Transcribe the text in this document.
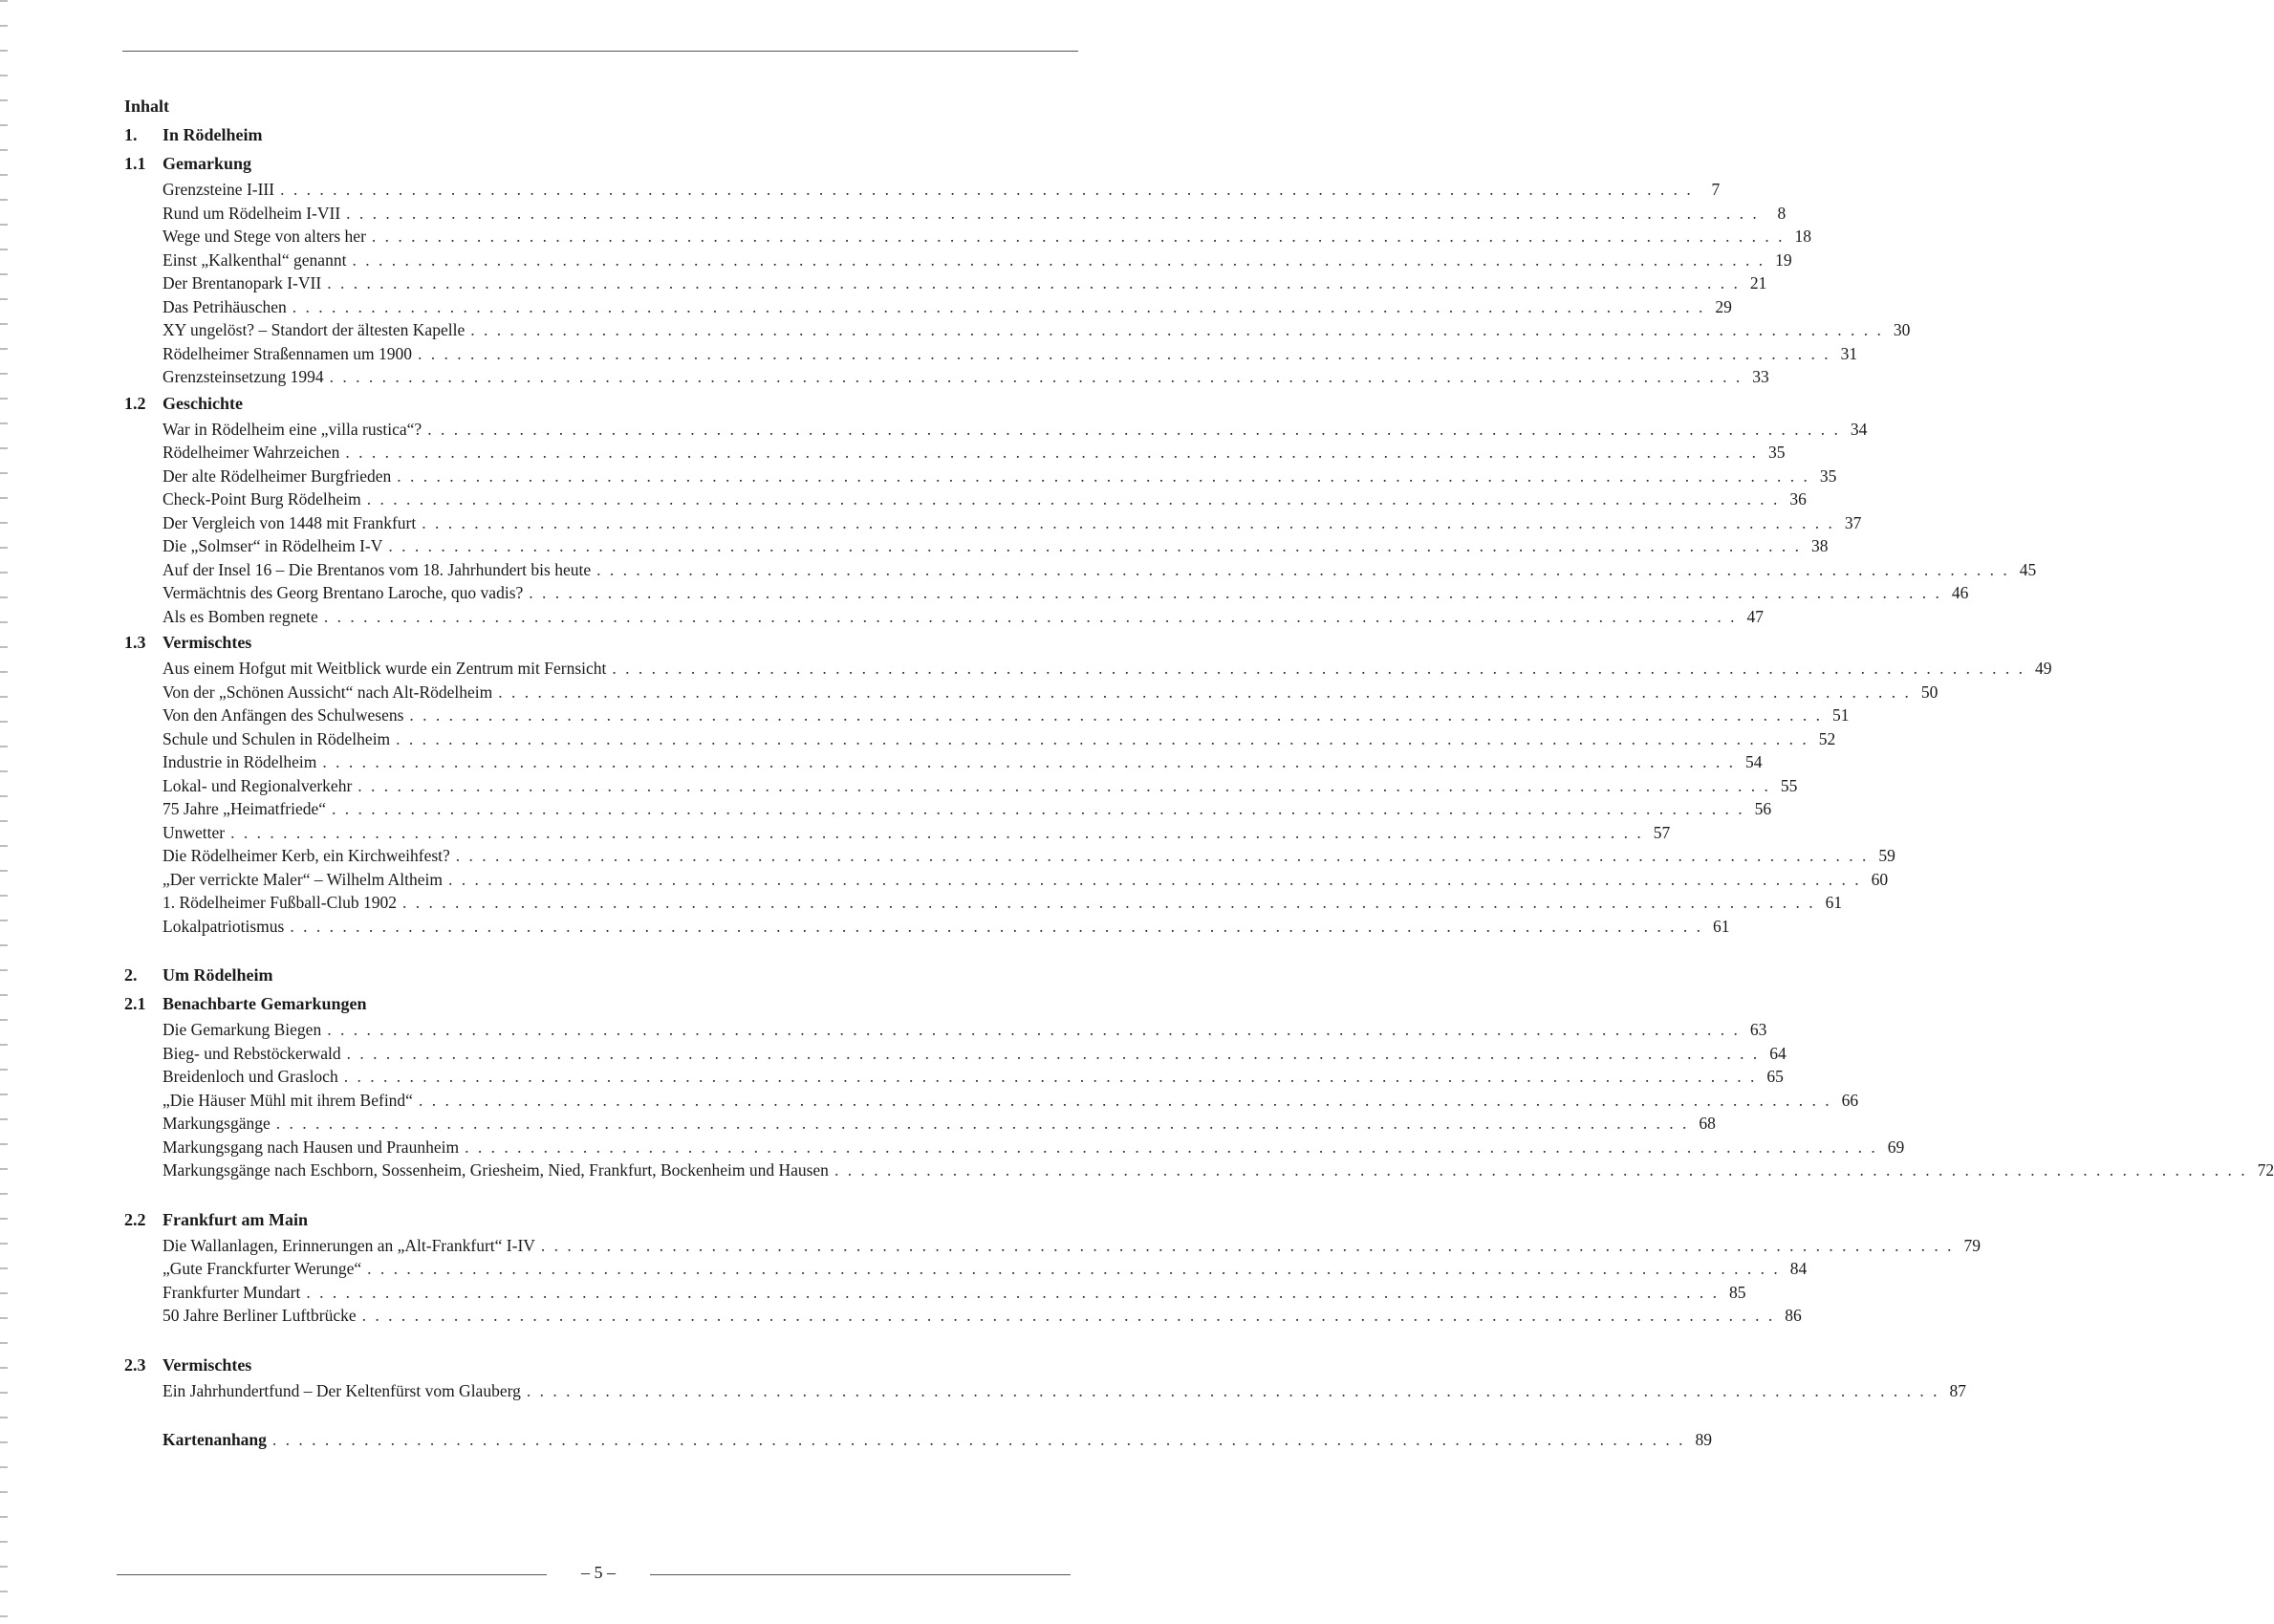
Inhalt
1.	In Rödelheim
1.1 Gemarkung
Grenzsteine I-III . . . . . . . . . . . . . . . . . . . . . . . . . . . . . . . . . . . . . . . . . . . . . . . . . . . . . . . . . . . . . . . . . . . . . . . . . . . . . . . . . . . . . . . . . . . . . . . . . . . . . . . . . . . .	7
Rund um Rödelheim I-VII . . . . . . . . . . . . . . . . . . . . . . . . . . . . . . . . . . . . . . . . . . . . . . . . . . . . . . . . . . . . . . . . . . . . . . . . . . . . . . . . . . . . . . . . . . . . . . . . . . . . . . . . . . . .	8
Wege und Stege von alters her . . . . . . . . . . . . . . . . . . . . . . . . . . . . . . . . . . . . . . . . . . . . . . . . . . . . . . . . . . . . . . . . . . . . . . . . . . . . . . . . . . . . . . . . . . . . . . . . . . . . . . . . . . . . 18
Einst „Kalkenthal“ genannt . . . . . . . . . . . . . . . . . . . . . . . . . . . . . . . . . . . . . . . . . . . . . . . . . . . . . . . . . . . . . . . . . . . . . . . . . . . . . . . . . . . . . . . . . . . . . . . . . . . . . . . . . . . . 19
Der Brentanopark I-VII . . . . . . . . . . . . . . . . . . . . . . . . . . . . . . . . . . . . . . . . . . . . . . . . . . . . . . . . . . . . . . . . . . . . . . . . . . . . . . . . . . . . . . . . . . . . . . . . . . . . . . . . . . . . 21
Das Petrihäuschen . . . . . . . . . . . . . . . . . . . . . . . . . . . . . . . . . . . . . . . . . . . . . . . . . . . . . . . . . . . . . . . . . . . . . . . . . . . . . . . . . . . . . . . . . . . . . . . . . . . . . . . . . . . . 29
XY ungelöst? – Standort der ältesten Kapelle . . . . . . . . . . . . . . . . . . . . . . . . . . . . . . . . . . . . . . . . . . . . . . . . . . . . . . . . . . . . . . . . . . . . . . . . . . . . . . . . . . . . . . . . . . . . . . . . . . . . . . . . . . . . 30
Rödelheimer Straßennamen um 1900 . . . . . . . . . . . . . . . . . . . . . . . . . . . . . . . . . . . . . . . . . . . . . . . . . . . . . . . . . . . . . . . . . . . . . . . . . . . . . . . . . . . . . . . . . . . . . . . . . . . . . . . . . . . . 31
Grenzsteinsetzung 1994 . . . . . . . . . . . . . . . . . . . . . . . . . . . . . . . . . . . . . . . . . . . . . . . . . . . . . . . . . . . . . . . . . . . . . . . . . . . . . . . . . . . . . . . . . . . . . . . . . . . . . . . . . . . . 33
1.2 Geschichte
War in Rödelheim eine „villa rustica“? . . . . . . . . . . . . . . . . . . . . . . . . . . . . . . . . . . . . . . . . . . . . . . . . . . . . . . . . . . . . . . . . . . . . . . . . . . . . . . . . . . . . . . . . . . . . . . . . . . . . . . . . . . . . 34
Rödelheimer Wahrzeichen . . . . . . . . . . . . . . . . . . . . . . . . . . . . . . . . . . . . . . . . . . . . . . . . . . . . . . . . . . . . . . . . . . . . . . . . . . . . . . . . . . . . . . . . . . . . . . . . . . . . . . . . . . . . 35
Der alte Rödelheimer Burgfrieden . . . . . . . . . . . . . . . . . . . . . . . . . . . . . . . . . . . . . . . . . . . . . . . . . . . . . . . . . . . . . . . . . . . . . . . . . . . . . . . . . . . . . . . . . . . . . . . . . . . . . . . . . . . . 35
Check-Point Burg Rödelheim . . . . . . . . . . . . . . . . . . . . . . . . . . . . . . . . . . . . . . . . . . . . . . . . . . . . . . . . . . . . . . . . . . . . . . . . . . . . . . . . . . . . . . . . . . . . . . . . . . . . . . . . . . . . 36
Der Vergleich von 1448 mit Frankfurt . . . . . . . . . . . . . . . . . . . . . . . . . . . . . . . . . . . . . . . . . . . . . . . . . . . . . . . . . . . . . . . . . . . . . . . . . . . . . . . . . . . . . . . . . . . . . . . . . . . . . . . . . . . . 37
Die „Solmser“ in Rödelheim I-V . . . . . . . . . . . . . . . . . . . . . . . . . . . . . . . . . . . . . . . . . . . . . . . . . . . . . . . . . . . . . . . . . . . . . . . . . . . . . . . . . . . . . . . . . . . . . . . . . . . . . . . . . . . . 38
Auf der Insel 16 – Die Brentanos vom 18. Jahrhundert bis heute . . . . . . . . . . . . . . . . . . . . . . . . . . . . . . . . . . . . . . . . . . . . . . . . . . . . . . . . . . . . . . . . . . . . . . . . . . . . . . . . . . . . . . . . . . . . . . . . . . . . . . . . . . . . 45
Vermächtnis des Georg Brentano Laroche, quo vadis? . . . . . . . . . . . . . . . . . . . . . . . . . . . . . . . . . . . . . . . . . . . . . . . . . . . . . . . . . . . . . . . . . . . . . . . . . . . . . . . . . . . . . . . . . . . . . . . . . . . . . . . . . . . . 46
Als es Bomben regnete . . . . . . . . . . . . . . . . . . . . . . . . . . . . . . . . . . . . . . . . . . . . . . . . . . . . . . . . . . . . . . . . . . . . . . . . . . . . . . . . . . . . . . . . . . . . . . . . . . . . . . . . . . . . 47
1.3 Vermischtes
Aus einem Hofgut mit Weitblick wurde ein Zentrum mit Fernsicht . . . . . . . . . . . . . . . . . . . . . . . . . . . . . . . . . . . . . . . . . . . . . . . . . . . . . . . . . . . . . . . . . . . . . . . . . . . . . . . . . . . . . . . . . . . . . . . . . . . . . . . . . . . . 49
Von der „Schönen Aussicht“ nach Alt-Rödelheim . . . . . . . . . . . . . . . . . . . . . . . . . . . . . . . . . . . . . . . . . . . . . . . . . . . . . . . . . . . . . . . . . . . . . . . . . . . . . . . . . . . . . . . . . . . . . . . . . . . . . . . . . . . . 50
Von den Anfängen des Schulwesens . . . . . . . . . . . . . . . . . . . . . . . . . . . . . . . . . . . . . . . . . . . . . . . . . . . . . . . . . . . . . . . . . . . . . . . . . . . . . . . . . . . . . . . . . . . . . . . . . . . . . . . . . . . . 51
Schule und Schulen in Rödelheim . . . . . . . . . . . . . . . . . . . . . . . . . . . . . . . . . . . . . . . . . . . . . . . . . . . . . . . . . . . . . . . . . . . . . . . . . . . . . . . . . . . . . . . . . . . . . . . . . . . . . . . . . . . . 52
Industrie in Rödelheim . . . . . . . . . . . . . . . . . . . . . . . . . . . . . . . . . . . . . . . . . . . . . . . . . . . . . . . . . . . . . . . . . . . . . . . . . . . . . . . . . . . . . . . . . . . . . . . . . . . . . . . . . . . . 54
Lokal- und Regionalverkehr . . . . . . . . . . . . . . . . . . . . . . . . . . . . . . . . . . . . . . . . . . . . . . . . . . . . . . . . . . . . . . . . . . . . . . . . . . . . . . . . . . . . . . . . . . . . . . . . . . . . . . . . . . . . 55
75 Jahre „Heimatfriede“ . . . . . . . . . . . . . . . . . . . . . . . . . . . . . . . . . . . . . . . . . . . . . . . . . . . . . . . . . . . . . . . . . . . . . . . . . . . . . . . . . . . . . . . . . . . . . . . . . . . . . . . . . . . . 56
Unwetter . . . . . . . . . . . . . . . . . . . . . . . . . . . . . . . . . . . . . . . . . . . . . . . . . . . . . . . . . . . . . . . . . . . . . . . . . . . . . . . . . . . . . . . . . . . . . . . . . . . . . . . . . . . . 57
Die Rödelheimer Kerb, ein Kirchweihfest? . . . . . . . . . . . . . . . . . . . . . . . . . . . . . . . . . . . . . . . . . . . . . . . . . . . . . . . . . . . . . . . . . . . . . . . . . . . . . . . . . . . . . . . . . . . . . . . . . . . . . . . . . . . . 59
„Der verrickte Maler“ – Wilhelm Altheim . . . . . . . . . . . . . . . . . . . . . . . . . . . . . . . . . . . . . . . . . . . . . . . . . . . . . . . . . . . . . . . . . . . . . . . . . . . . . . . . . . . . . . . . . . . . . . . . . . . . . . . . . . . . 60
1. Rödelheimer Fußball-Club 1902 . . . . . . . . . . . . . . . . . . . . . . . . . . . . . . . . . . . . . . . . . . . . . . . . . . . . . . . . . . . . . . . . . . . . . . . . . . . . . . . . . . . . . . . . . . . . . . . . . . . . . . . . . . . . 61
Lokalpatriotismus . . . . . . . . . . . . . . . . . . . . . . . . . . . . . . . . . . . . . . . . . . . . . . . . . . . . . . . . . . . . . . . . . . . . . . . . . . . . . . . . . . . . . . . . . . . . . . . . . . . . . . . . . . . . 61
2.	Um Rödelheim
2.1 Benachbarte Gemarkungen
Die Gemarkung Biegen . . . . . . . . . . . . . . . . . . . . . . . . . . . . . . . . . . . . . . . . . . . . . . . . . . . . . . . . . . . . . . . . . . . . . . . . . . . . . . . . . . . . . . . . . . . . . . . . . . . . . . . . . . . . 63
Bieg- und Rebstöckerwald . . . . . . . . . . . . . . . . . . . . . . . . . . . . . . . . . . . . . . . . . . . . . . . . . . . . . . . . . . . . . . . . . . . . . . . . . . . . . . . . . . . . . . . . . . . . . . . . . . . . . . . . . . . . 64
Breidenloch und Grasloch . . . . . . . . . . . . . . . . . . . . . . . . . . . . . . . . . . . . . . . . . . . . . . . . . . . . . . . . . . . . . . . . . . . . . . . . . . . . . . . . . . . . . . . . . . . . . . . . . . . . . . . . . . . . 65
„Die Häuser Mühl mit ihrem Befind“ . . . . . . . . . . . . . . . . . . . . . . . . . . . . . . . . . . . . . . . . . . . . . . . . . . . . . . . . . . . . . . . . . . . . . . . . . . . . . . . . . . . . . . . . . . . . . . . . . . . . . . . . . . . . 66
Markungsgänge . . . . . . . . . . . . . . . . . . . . . . . . . . . . . . . . . . . . . . . . . . . . . . . . . . . . . . . . . . . . . . . . . . . . . . . . . . . . . . . . . . . . . . . . . . . . . . . . . . . . . . . . . . . . 68
Markungsgang nach Hausen und Praunheim . . . . . . . . . . . . . . . . . . . . . . . . . . . . . . . . . . . . . . . . . . . . . . . . . . . . . . . . . . . . . . . . . . . . . . . . . . . . . . . . . . . . . . . . . . . . . . . . . . . . . . . . . . . . 69
Markungsgänge nach Eschborn, Sossenheim, Griesheim, Nied, Frankfurt, Bockenheim und Hausen . . . . . . . . . . . . . . . . . . . . . . . . . . . . . . . . . . . . . . . . . . . . . . . . . . . . . . . . . . . . . . . . . . . . . . . . . . . . . . . . . . . . . . . . . . . . . . . . . . . . . . . . . . . . 72
2.2 Frankfurt am Main
Die Wallanlagen, Erinnerungen an „Alt-Frankfurt“ I-IV . . . . . . . . . . . . . . . . . . . . . . . . . . . . . . . . . . . . . . . . . . . . . . . . . . . . . . . . . . . . . . . . . . . . . . . . . . . . . . . . . . . . . . . . . . . . . . . . . . . . . . . . . . . . 79
„Gute Franckfurter Werunge“ . . . . . . . . . . . . . . . . . . . . . . . . . . . . . . . . . . . . . . . . . . . . . . . . . . . . . . . . . . . . . . . . . . . . . . . . . . . . . . . . . . . . . . . . . . . . . . . . . . . . . . . . . . . . 84
Frankfurter Mundart . . . . . . . . . . . . . . . . . . . . . . . . . . . . . . . . . . . . . . . . . . . . . . . . . . . . . . . . . . . . . . . . . . . . . . . . . . . . . . . . . . . . . . . . . . . . . . . . . . . . . . . . . . . . 85
50 Jahre Berliner Luftbrücke . . . . . . . . . . . . . . . . . . . . . . . . . . . . . . . . . . . . . . . . . . . . . . . . . . . . . . . . . . . . . . . . . . . . . . . . . . . . . . . . . . . . . . . . . . . . . . . . . . . . . . . . . . . . 86
2.3 Vermischtes
Ein Jahrhundertfund – Der Keltenfürst vom Glauberg . . . . . . . . . . . . . . . . . . . . . . . . . . . . . . . . . . . . . . . . . . . . . . . . . . . . . . . . . . . . . . . . . . . . . . . . . . . . . . . . . . . . . . . . . . . . . . . . . . . . . . . . . . . . 87
Kartenanhang . . . . . . . . . . . . . . . . . . . . . . . . . . . . . . . . . . . . . . . . . . . . . . . . . . . . . . . . . . . . . . . . . . . . . . . . . . . . . . . . . . . . . . . . . . . . . . . . . . . . . . . . . . . . 89
– 5 –
